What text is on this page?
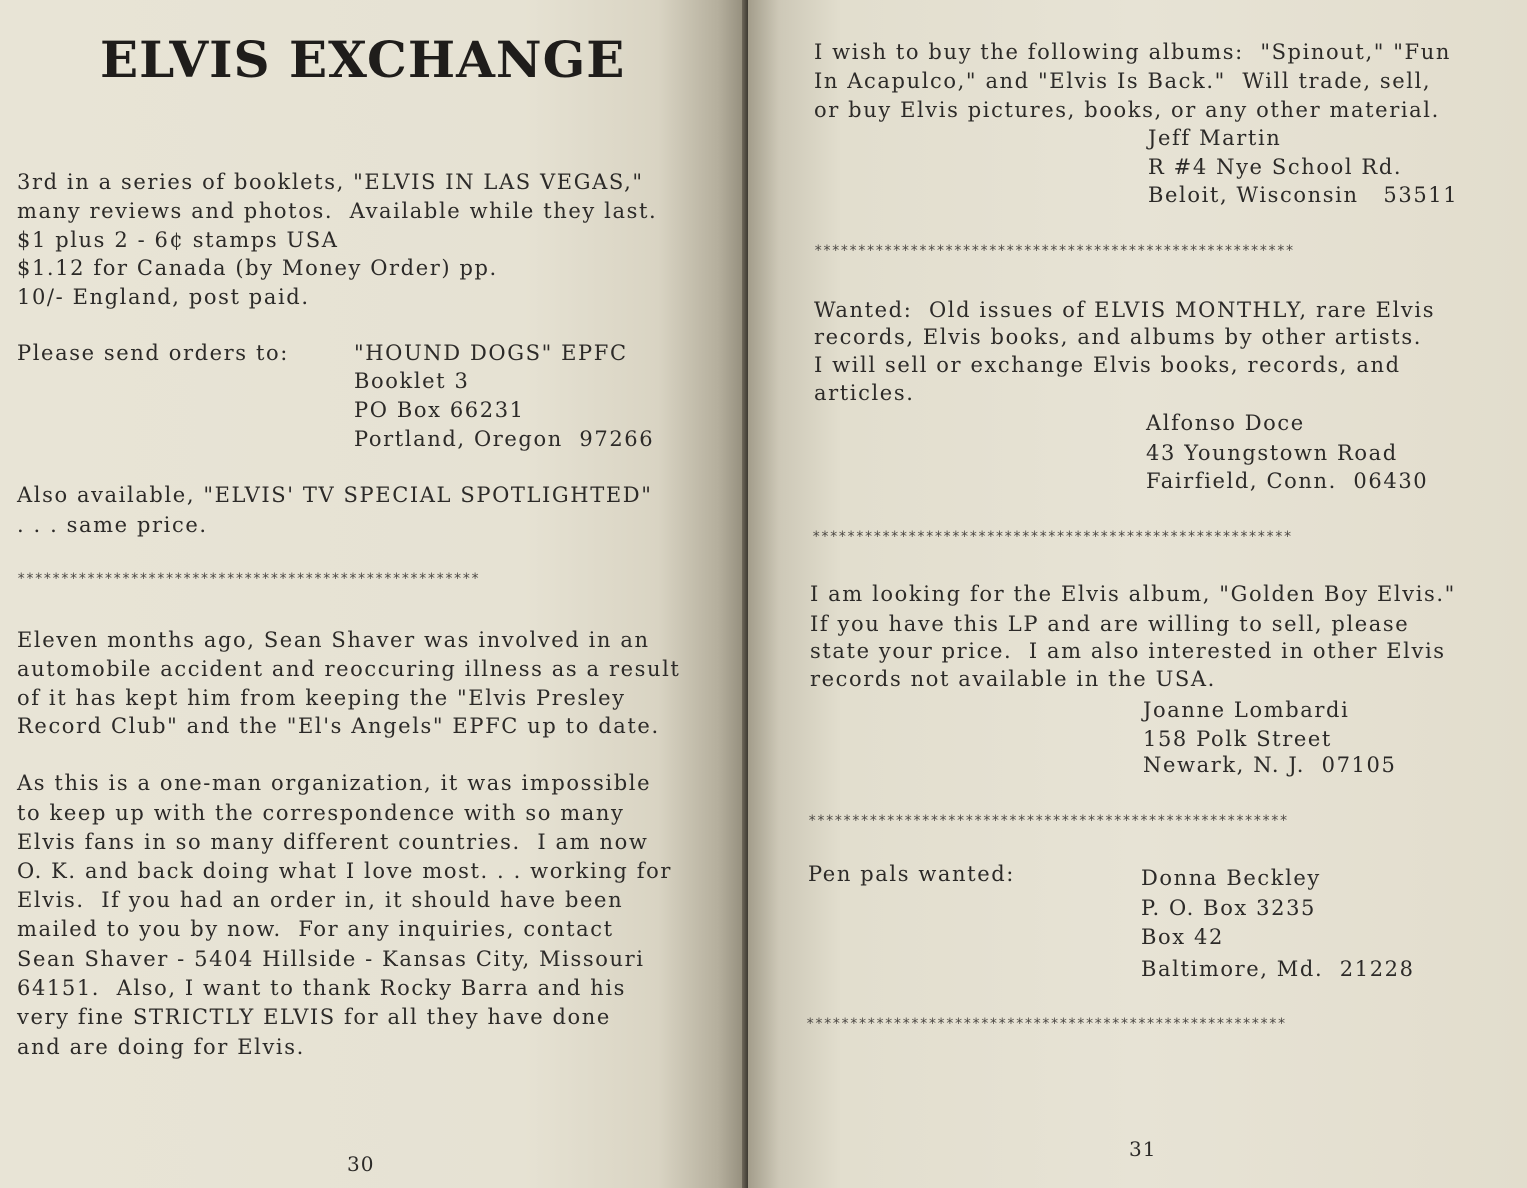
ELVIS EXCHANGE

3rd in a series of booklets, "ELVIS IN LAS VEGAS,"

many reviews and photos.  Available while they last.

$1 plus 2 - 6¢ stamps USA

$1.12 for Canada (by Money Order) pp.

10/- England, post paid.

Please send orders to:	"HOUND DOGS" EPFC

Booklet 3

PO Box 66231

Portland, Oregon  97266

Also available, "ELVIS' TV SPECIAL SPOTLIGHTED"

. . . same price.

*****************************************************

Eleven months ago, Sean Shaver was involved in an

automobile accident and reoccuring illness as a result

of it has kept him from keeping the "Elvis Presley

Record Club" and the "El's Angels" EPFC up to date.

As this is a one-man organization, it was impossible

to keep up with the correspondence with so many

Elvis fans in so many different countries.  I am now

O. K. and back doing what I love most. . . working for

Elvis.  If you had an order in, it should have been

mailed to you by now.  For any inquiries, contact

Sean Shaver - 5404 Hillside - Kansas City, Missouri

64151.  Also, I want to thank Rocky Barra and his

very fine STRICTLY ELVIS for all they have done

and are doing for Elvis.

30

I wish to buy the following albums:  "Spinout," "Fun

In Acapulco," and "Elvis Is Back."  Will trade, sell,

or buy Elvis pictures, books, or any other material.

Jeff Martin

R #4 Nye School Rd.

Beloit, Wisconsin   53511

*******************************************************

Wanted:  Old issues of ELVIS MONTHLY, rare Elvis

records, Elvis books, and albums by other artists.

I will sell or exchange Elvis books, records, and

articles.

Alfonso Doce

43 Youngstown Road

Fairfield, Conn.  06430

*******************************************************

I am looking for the Elvis album, "Golden Boy Elvis."

If you have this LP and are willing to sell, please

state your price.  I am also interested in other Elvis

records not available in the USA.

Joanne Lombardi

158 Polk Street

Newark, N. J.  07105

*******************************************************

Pen pals wanted:	Donna Beckley

P. O. Box 3235

Box 42

Baltimore, Md.  21228

*******************************************************
31
